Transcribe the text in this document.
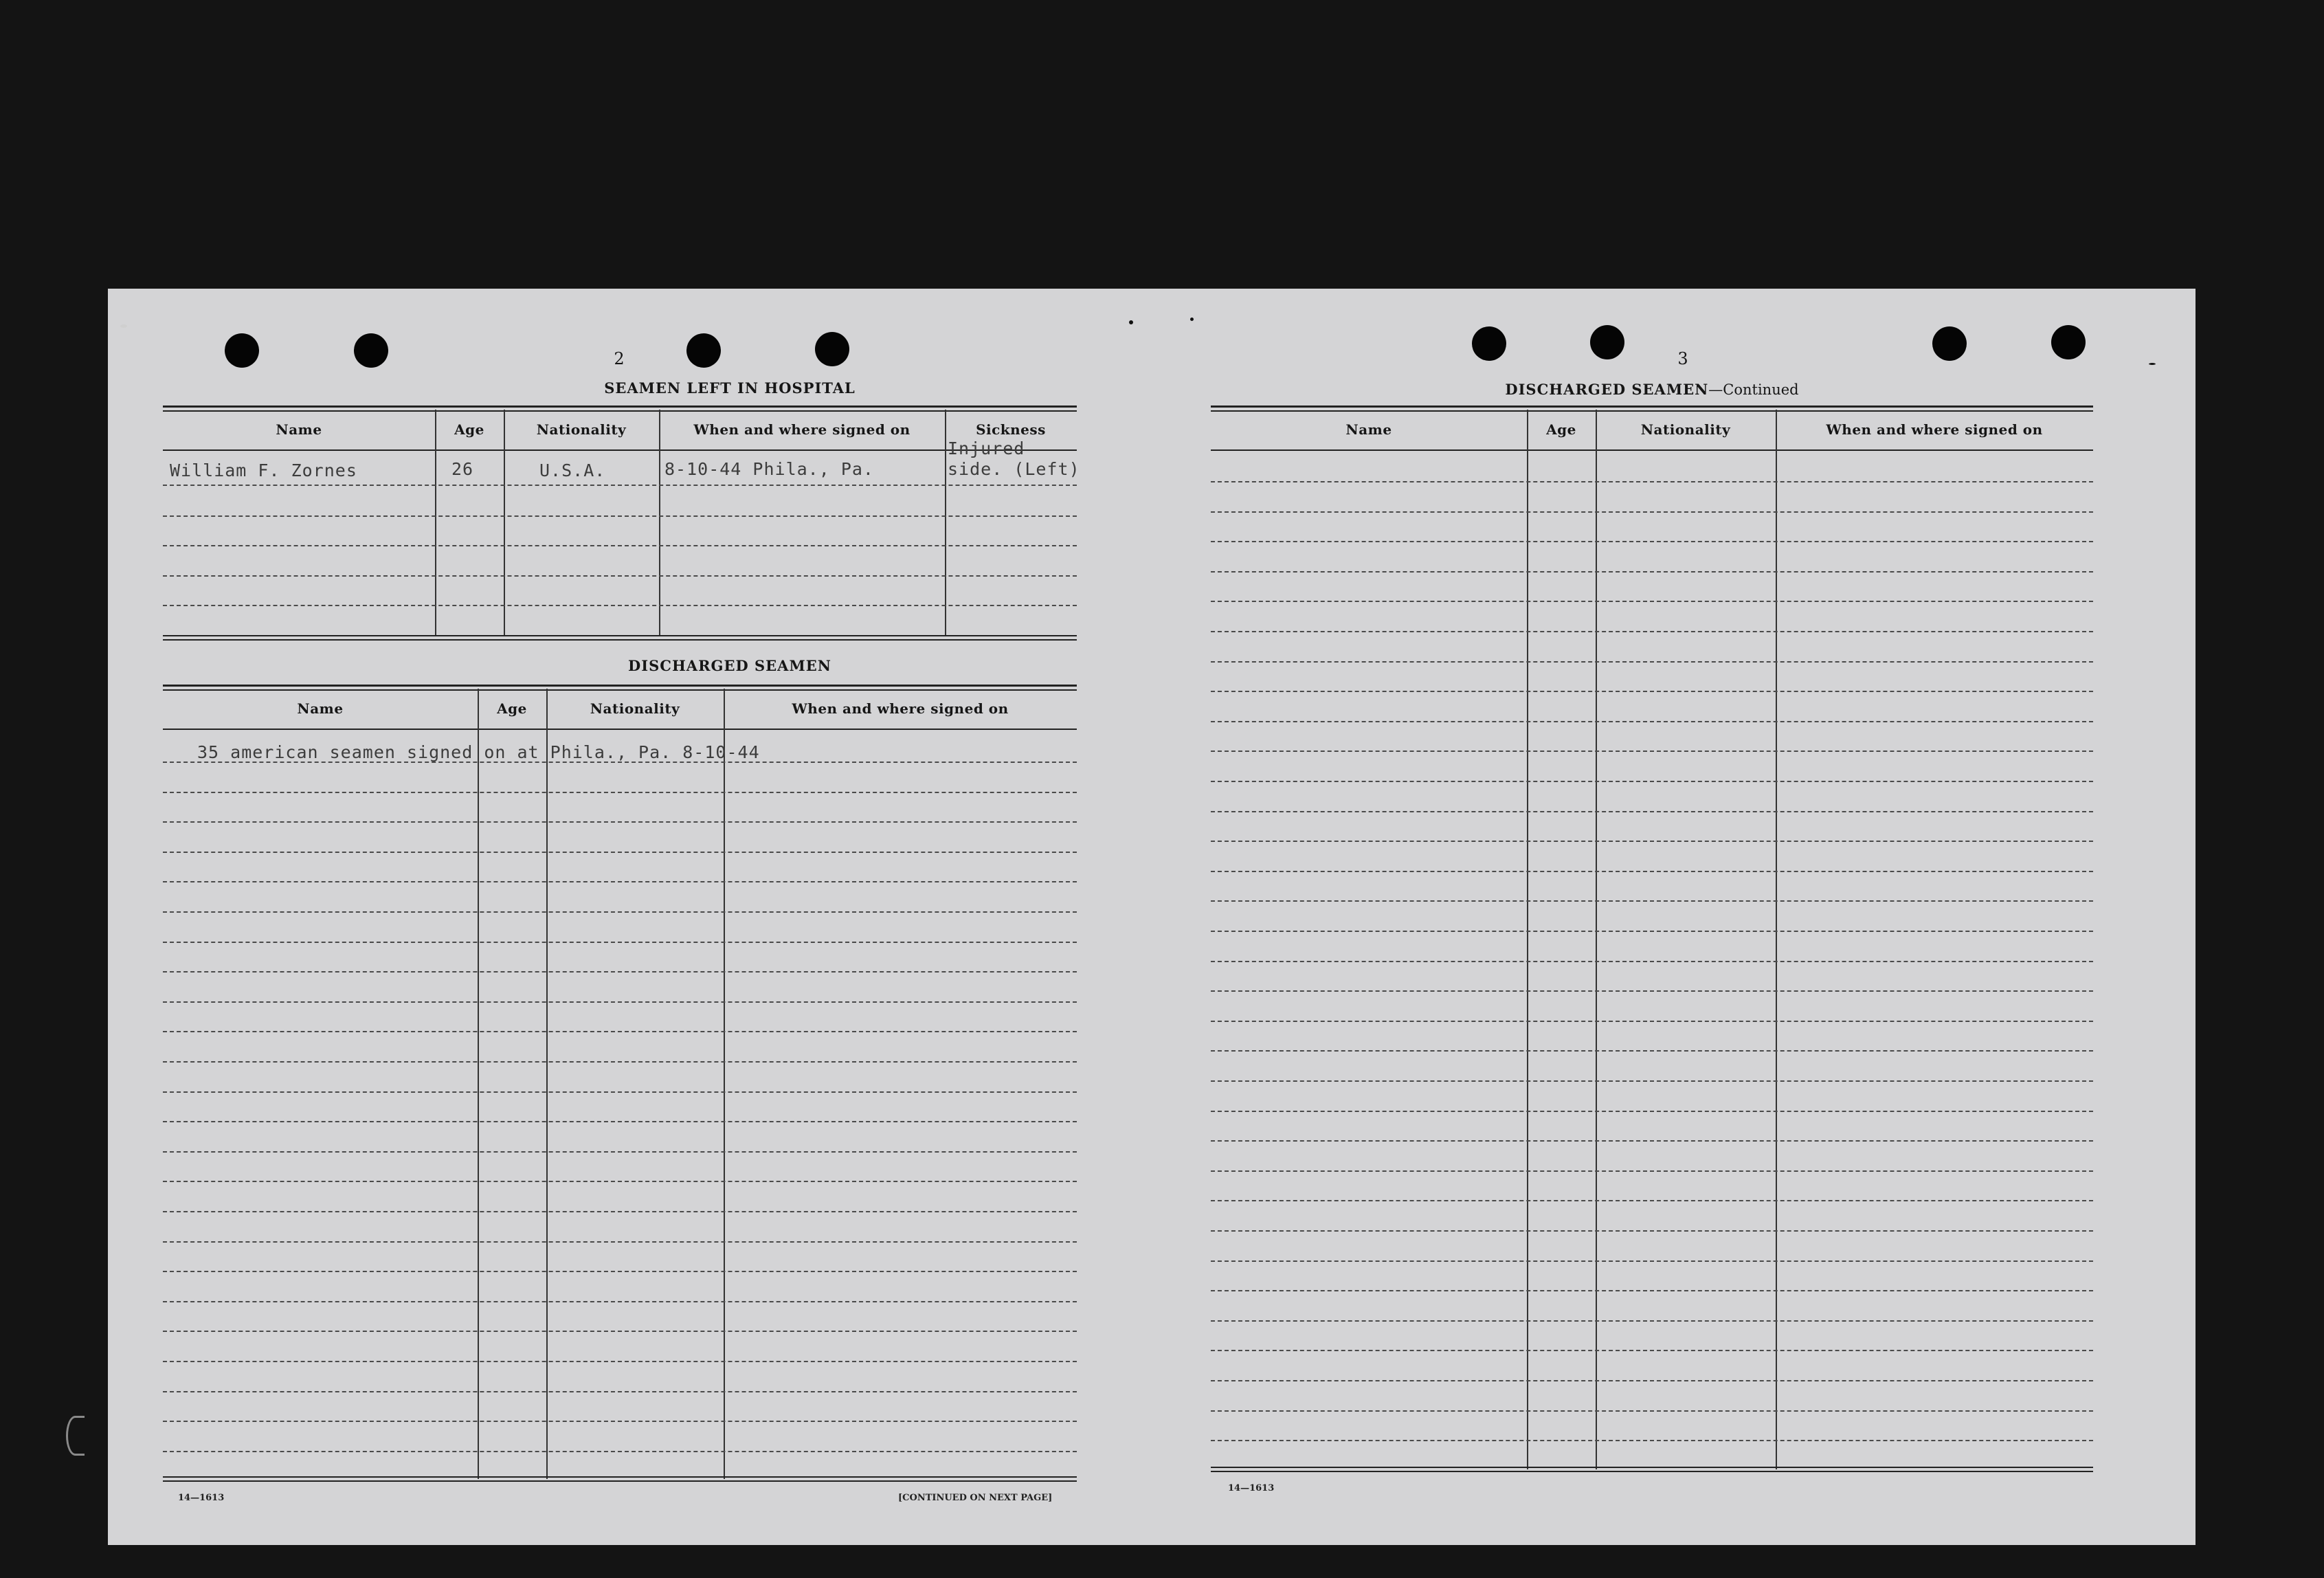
2
SEAMEN LEFT IN HOSPITAL
Name	Age	Nationality	When and where signed on	Sickness
William F. Zornes	26	U.S.A.	8-10-44 Phila., Pa.
Injured
side. (Left)
DISCHARGED SEAMEN
Name	Age	Nationality	When and where signed on
35 american seamen signed on at Phila., Pa. 8-10-44
14—1613	[CONTINUED ON NEXT PAGE]
3
DISCHARGED SEAMEN—Continued
Name	Age	Nationality	When and where signed on
14—1613
